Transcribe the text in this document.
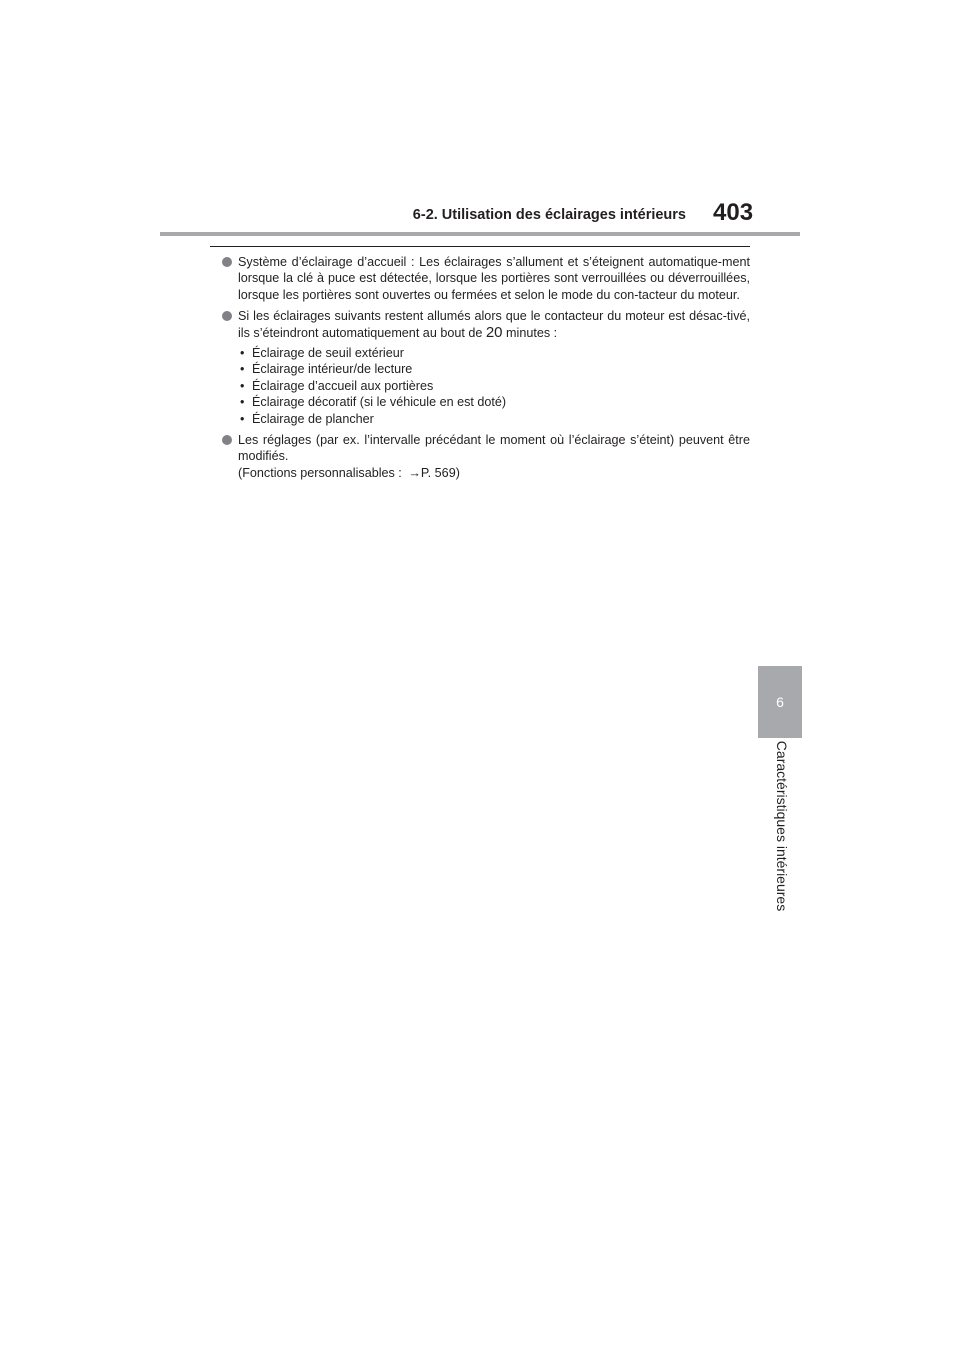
6-2. Utilisation des éclairages intérieurs 403
6
Caractéristiques intérieures

Système d’éclairage d’accueil : Les éclairages s’allument et s’éteignent automatique-ment lorsque la clé à puce est détectée, lorsque les portières sont verrouillées ou déverrouillées, lorsque les portières sont ouvertes ou fermées et selon le mode du con-tacteur du moteur.

Si les éclairages suivants restent allumés alors que le contacteur du moteur est désac-tivé, ils s’éteindront automatiquement au bout de 20 minutes :
• Éclairage de seuil extérieur
• Éclairage intérieur/de lecture
• Éclairage d’accueil aux portières
• Éclairage décoratif (si le véhicule en est doté)
• Éclairage de plancher

Les réglages (par ex. l’intervalle précédant le moment où l’éclairage s’éteint) peuvent être modifiés.
(Fonctions personnalisables : →P. 569)
